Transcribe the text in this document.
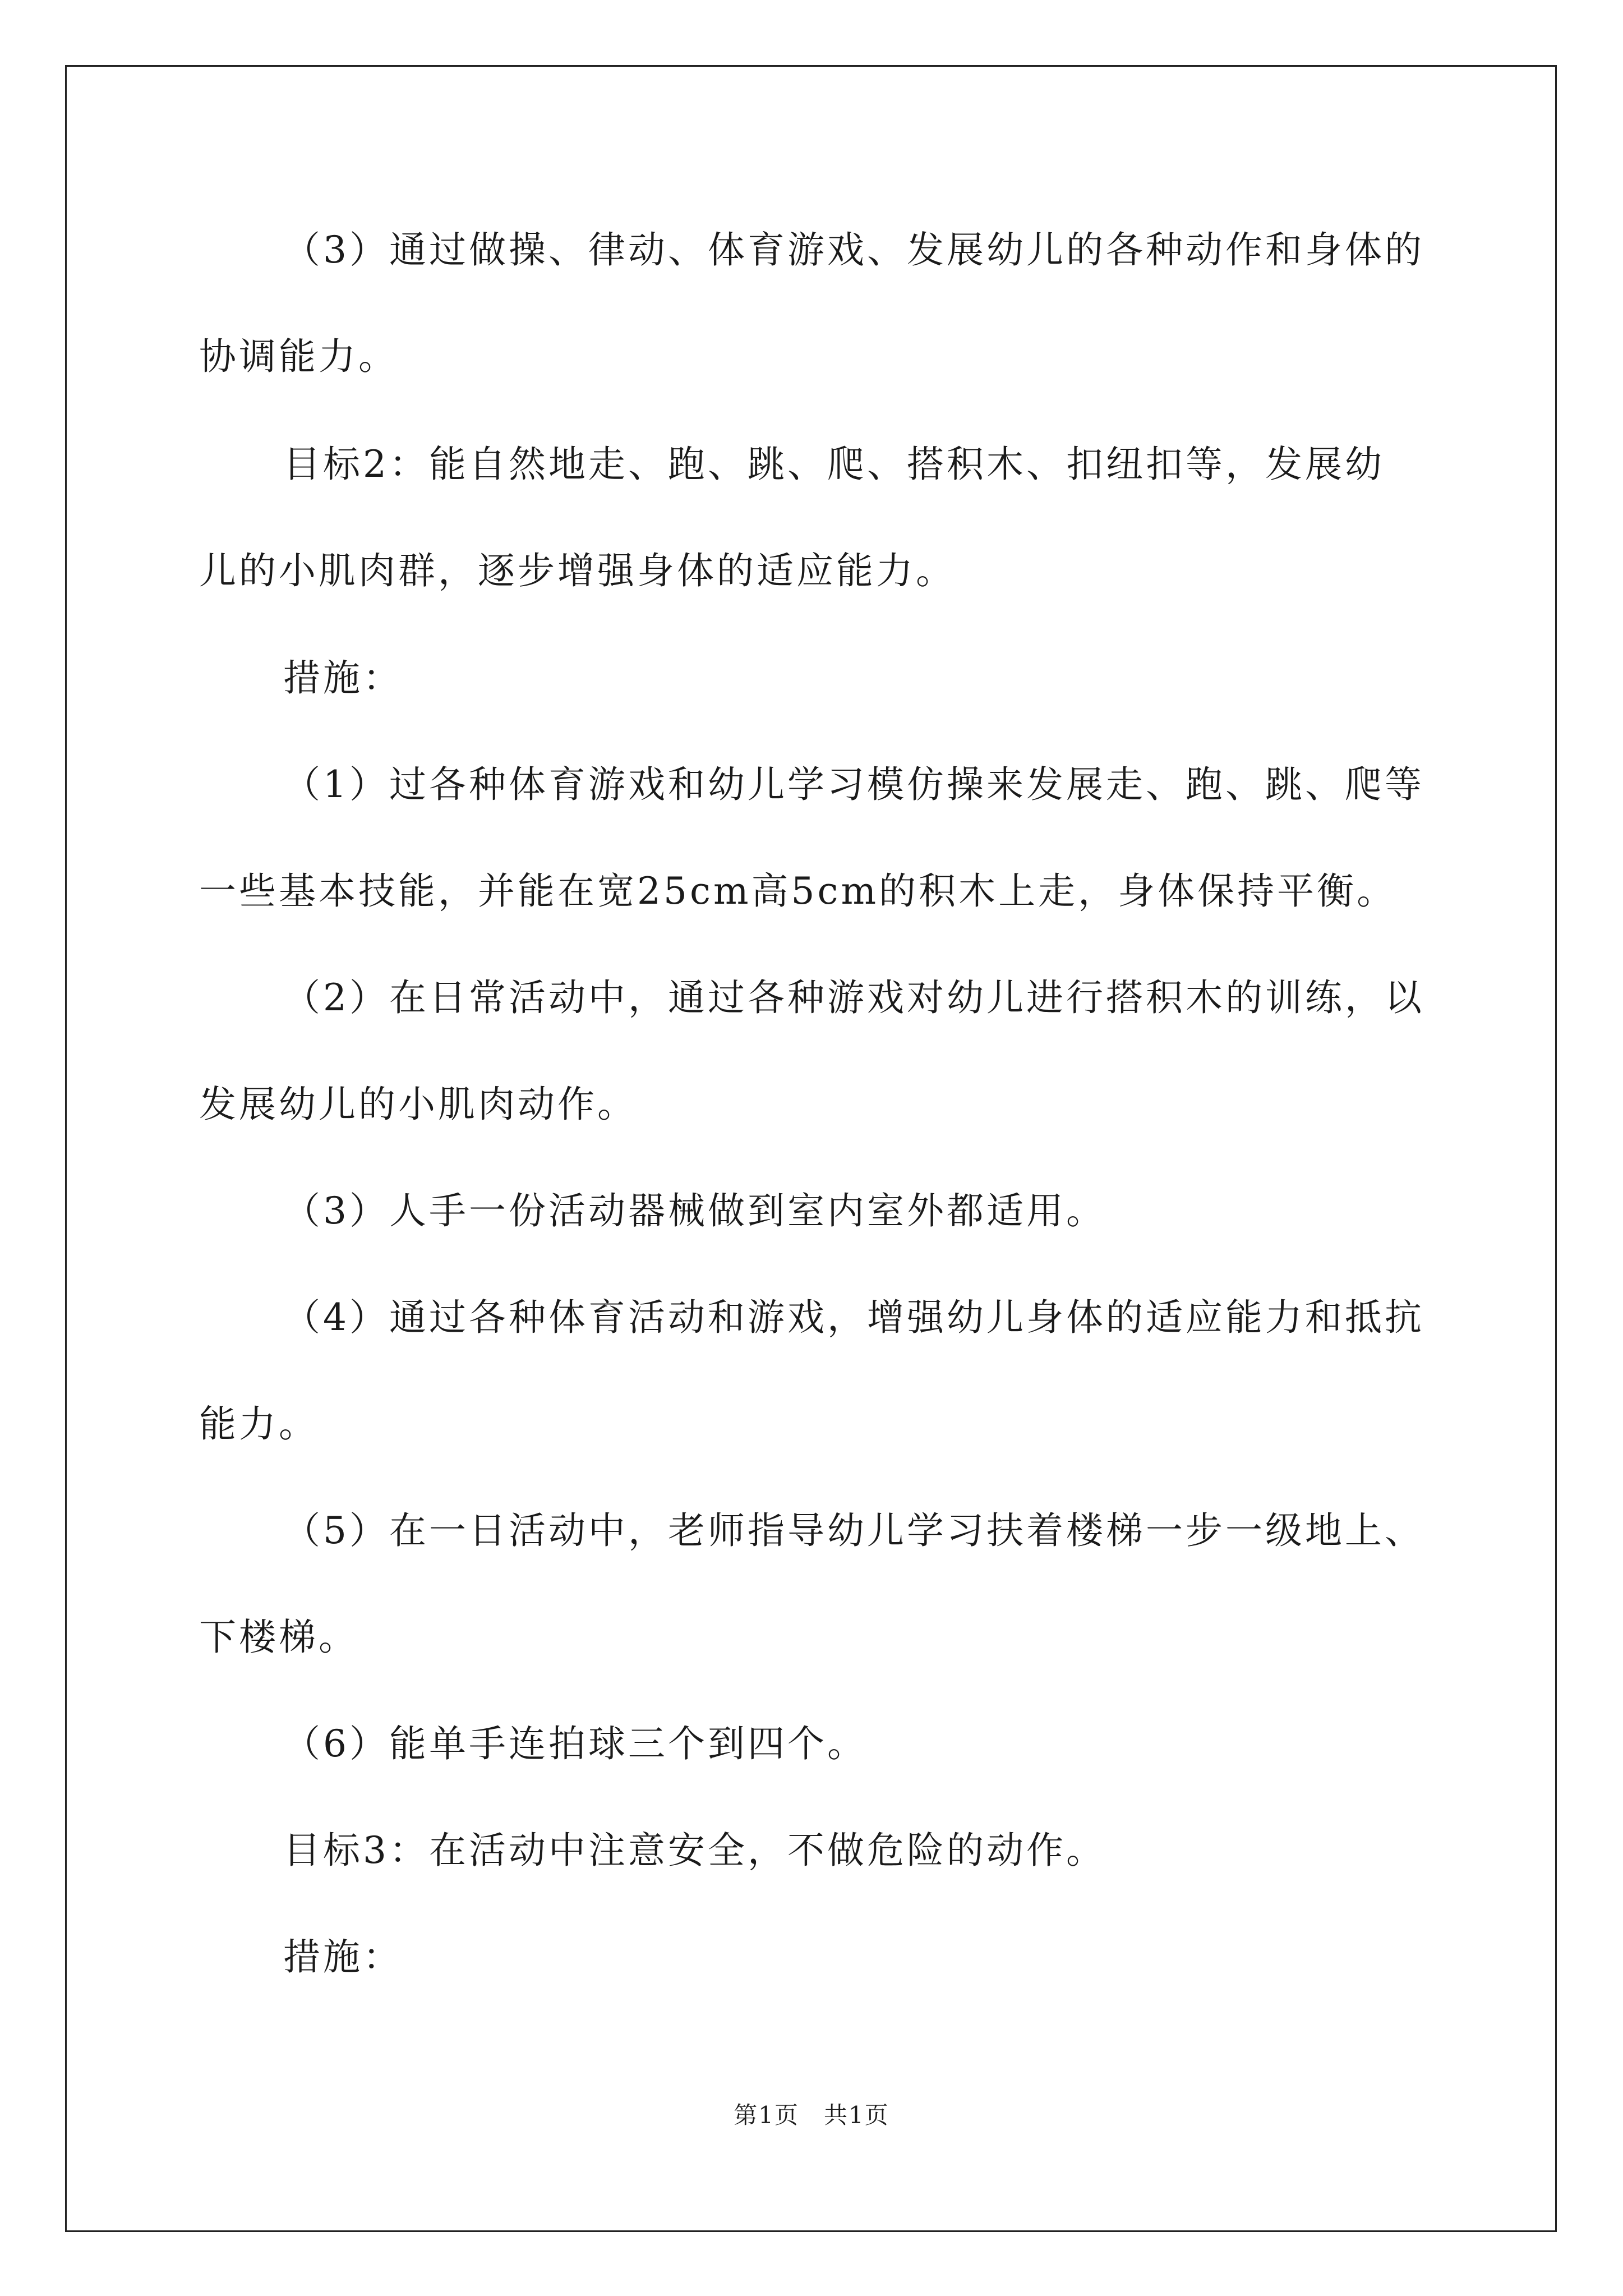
（3）通过做操、律动、体育游戏、发展幼儿的各种动作和身体的

协调能力。

目标2：能自然地走、跑、跳、爬、搭积木、扣纽扣等，发展幼

儿的小肌肉群，逐步增强身体的适应能力。

措施：

（1）过各种体育游戏和幼儿学习模仿操来发展走、跑、跳、爬等

一些基本技能，并能在宽25cm高5cm的积木上走，身体保持平衡。

（2）在日常活动中，通过各种游戏对幼儿进行搭积木的训练，以

发展幼儿的小肌肉动作。

（3）人手一份活动器械做到室内室外都适用。

（4）通过各种体育活动和游戏，增强幼儿身体的适应能力和抵抗

能力。

（5）在一日活动中，老师指导幼儿学习扶着楼梯一步一级地上、

下楼梯。

（6）能单手连拍球三个到四个。

目标3：在活动中注意安全，不做危险的动作。

措施：

第1页　共1页
